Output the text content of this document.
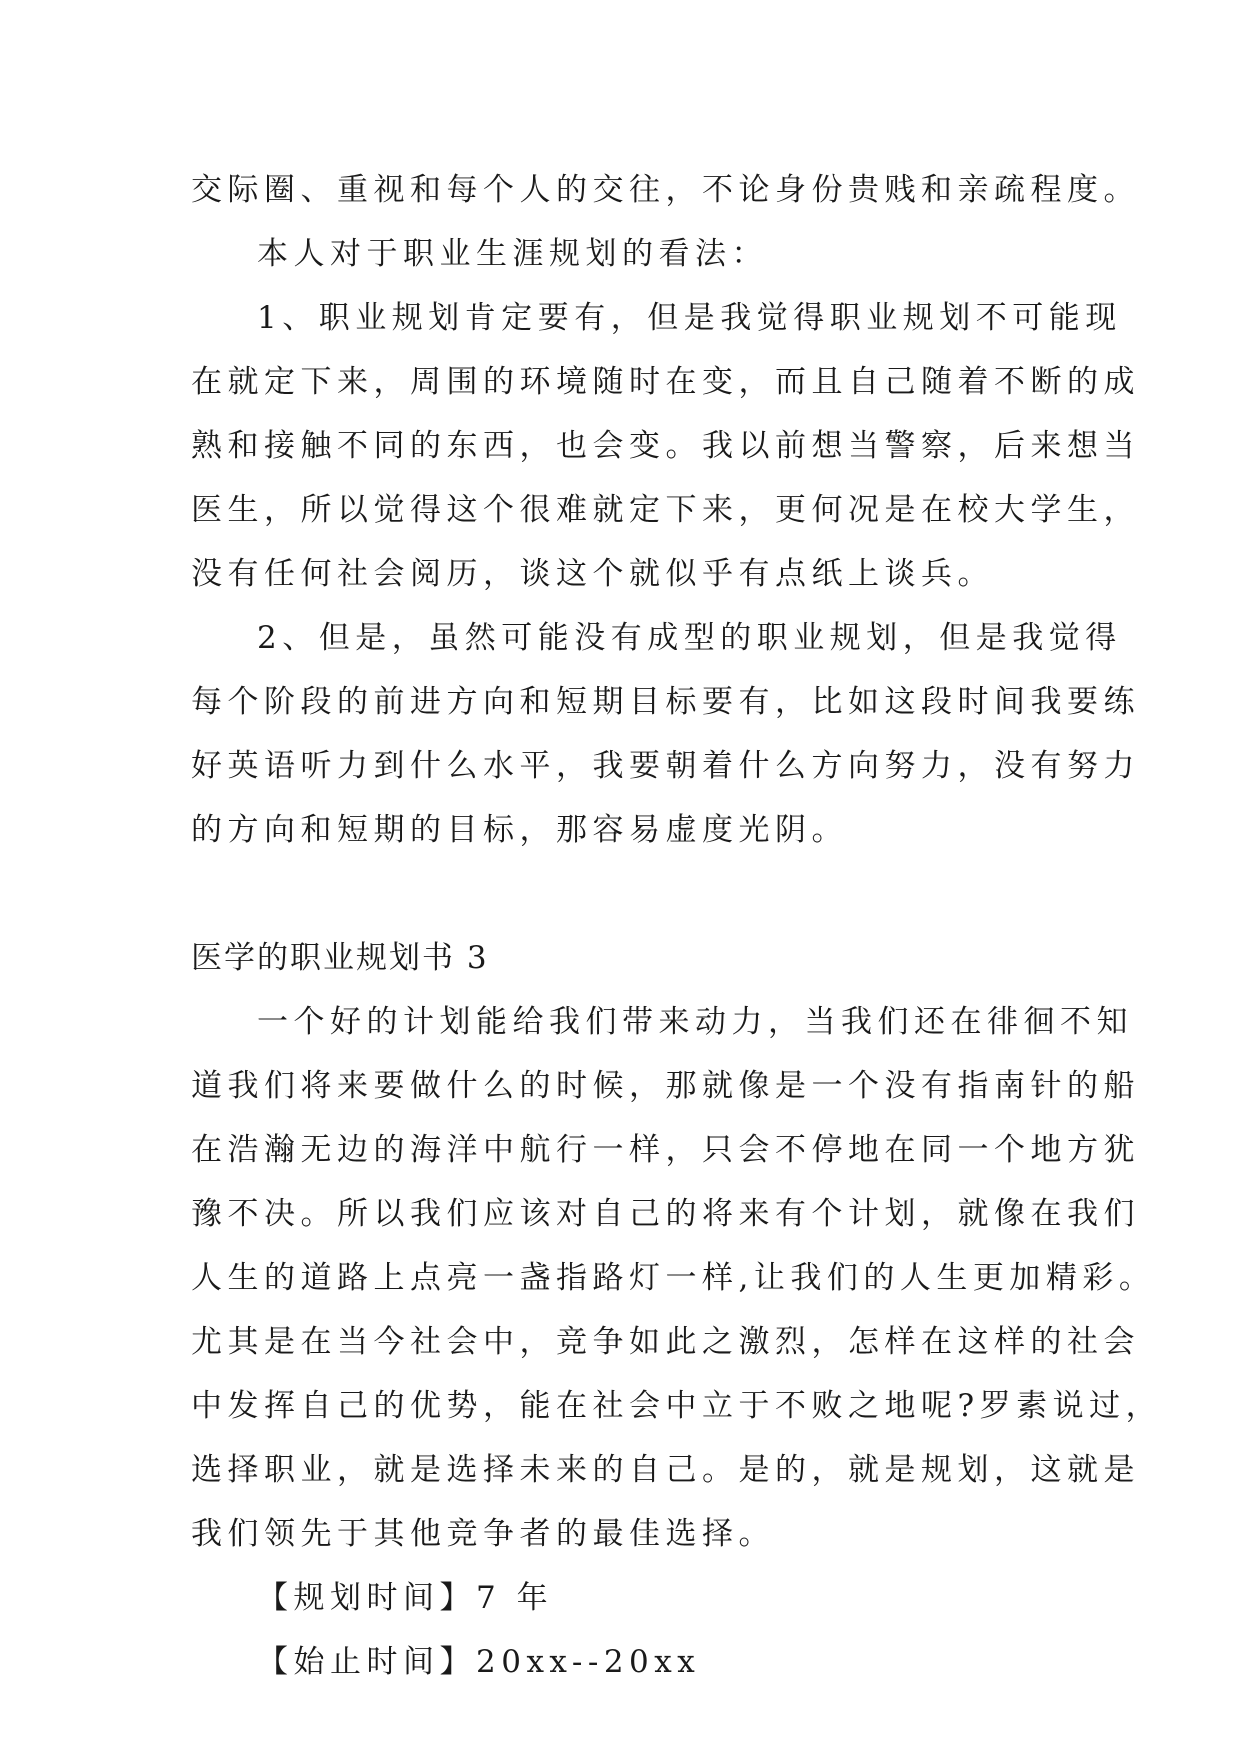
交际圈、重视和每个人的交往，不论身份贵贱和亲疏程度。

本人对于职业生涯规划的看法：

1、职业规划肯定要有，但是我觉得职业规划不可能现

在就定下来，周围的环境随时在变，而且自己随着不断的成

熟和接触不同的东西，也会变。我以前想当警察，后来想当

医生，所以觉得这个很难就定下来，更何况是在校大学生，

没有任何社会阅历，谈这个就似乎有点纸上谈兵。

2、但是，虽然可能没有成型的职业规划，但是我觉得

每个阶段的前进方向和短期目标要有，比如这段时间我要练

好英语听力到什么水平，我要朝着什么方向努力，没有努力

的方向和短期的目标，那容易虚度光阴。

医学的职业规划书 3

一个好的计划能给我们带来动力，当我们还在徘徊不知

道我们将来要做什么的时候，那就像是一个没有指南针的船

在浩瀚无边的海洋中航行一样，只会不停地在同一个地方犹

豫不决。所以我们应该对自己的将来有个计划，就像在我们

人生的道路上点亮一盏指路灯一样,让我们的人生更加精彩。

尤其是在当今社会中，竞争如此之激烈，怎样在这样的社会

中发挥自己的优势，能在社会中立于不败之地呢?罗素说过，

选择职业，就是选择未来的自己。是的，就是规划，这就是

我们领先于其他竞争者的最佳选择。

【规划时间】7 年

【始止时间】20xx--20xx
